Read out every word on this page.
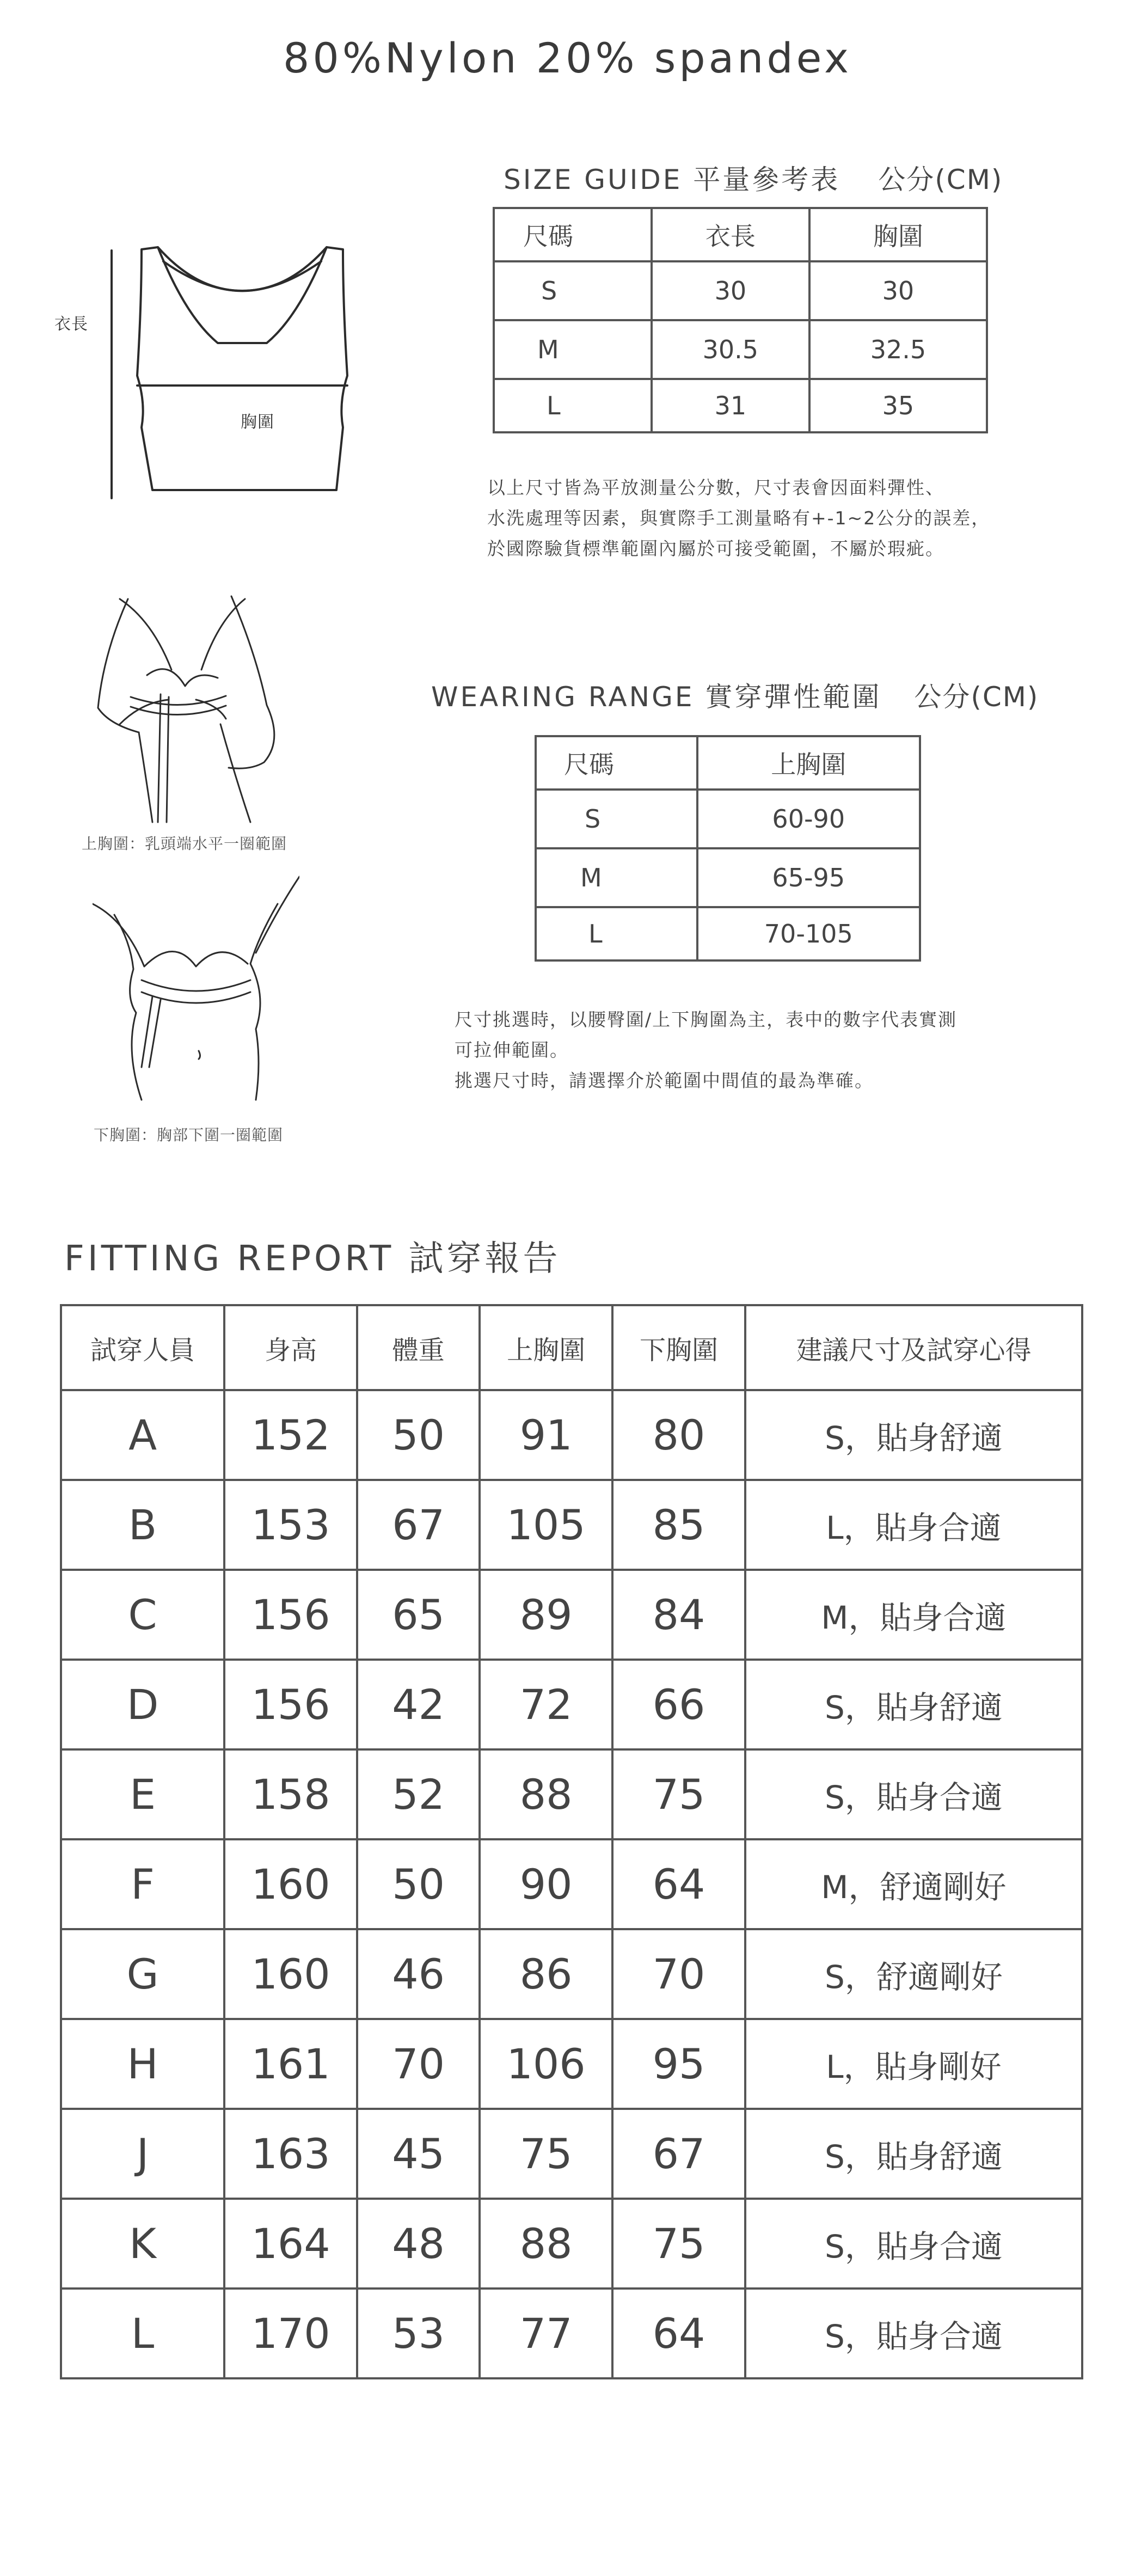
80%Nylon 20% spandex
胸圍
衣長
SIZE GUIDE 平量參考表 公分(CM)
尺碼	衣長	胸圍
S	30	30
M	30.5	32.5
L	31	35
以上尺寸皆為平放測量公分數，尺寸表會因面料彈性、
水洗處理等因素，與實際手工測量略有+-1~2公分的誤差，
於國際驗貨標準範圍內屬於可接受範圍，不屬於瑕疵。
上胸圍：乳頭端水平一圈範圍
下胸圍：胸部下圍一圈範圍
WEARING RANGE 實穿彈性範圍 公分(CM)
尺碼	上胸圍
S	60-90
M	65-95
L	70-105
尺寸挑選時，以腰臀圍/上下胸圍為主，表中的數字代表實測
可拉伸範圍。
挑選尺寸時，請選擇介於範圍中間值的最為準確。
FITTING REPORT 試穿報告
試穿人員	身高	體重	上胸圍	下胸圍	建議尺寸及試穿心得
A	152	50	91	80	S，貼身舒適
B	153	67	105	85	L，貼身合適
C	156	65	89	84	M，貼身合適
D	156	42	72	66	S，貼身舒適
E	158	52	88	75	S，貼身合適
F	160	50	90	64	M，舒適剛好
G	160	46	86	70	S，舒適剛好
H	161	70	106	95	L，貼身剛好
J	163	45	75	67	S，貼身舒適
K	164	48	88	75	S，貼身合適
L	170	53	77	64	S，貼身合適
